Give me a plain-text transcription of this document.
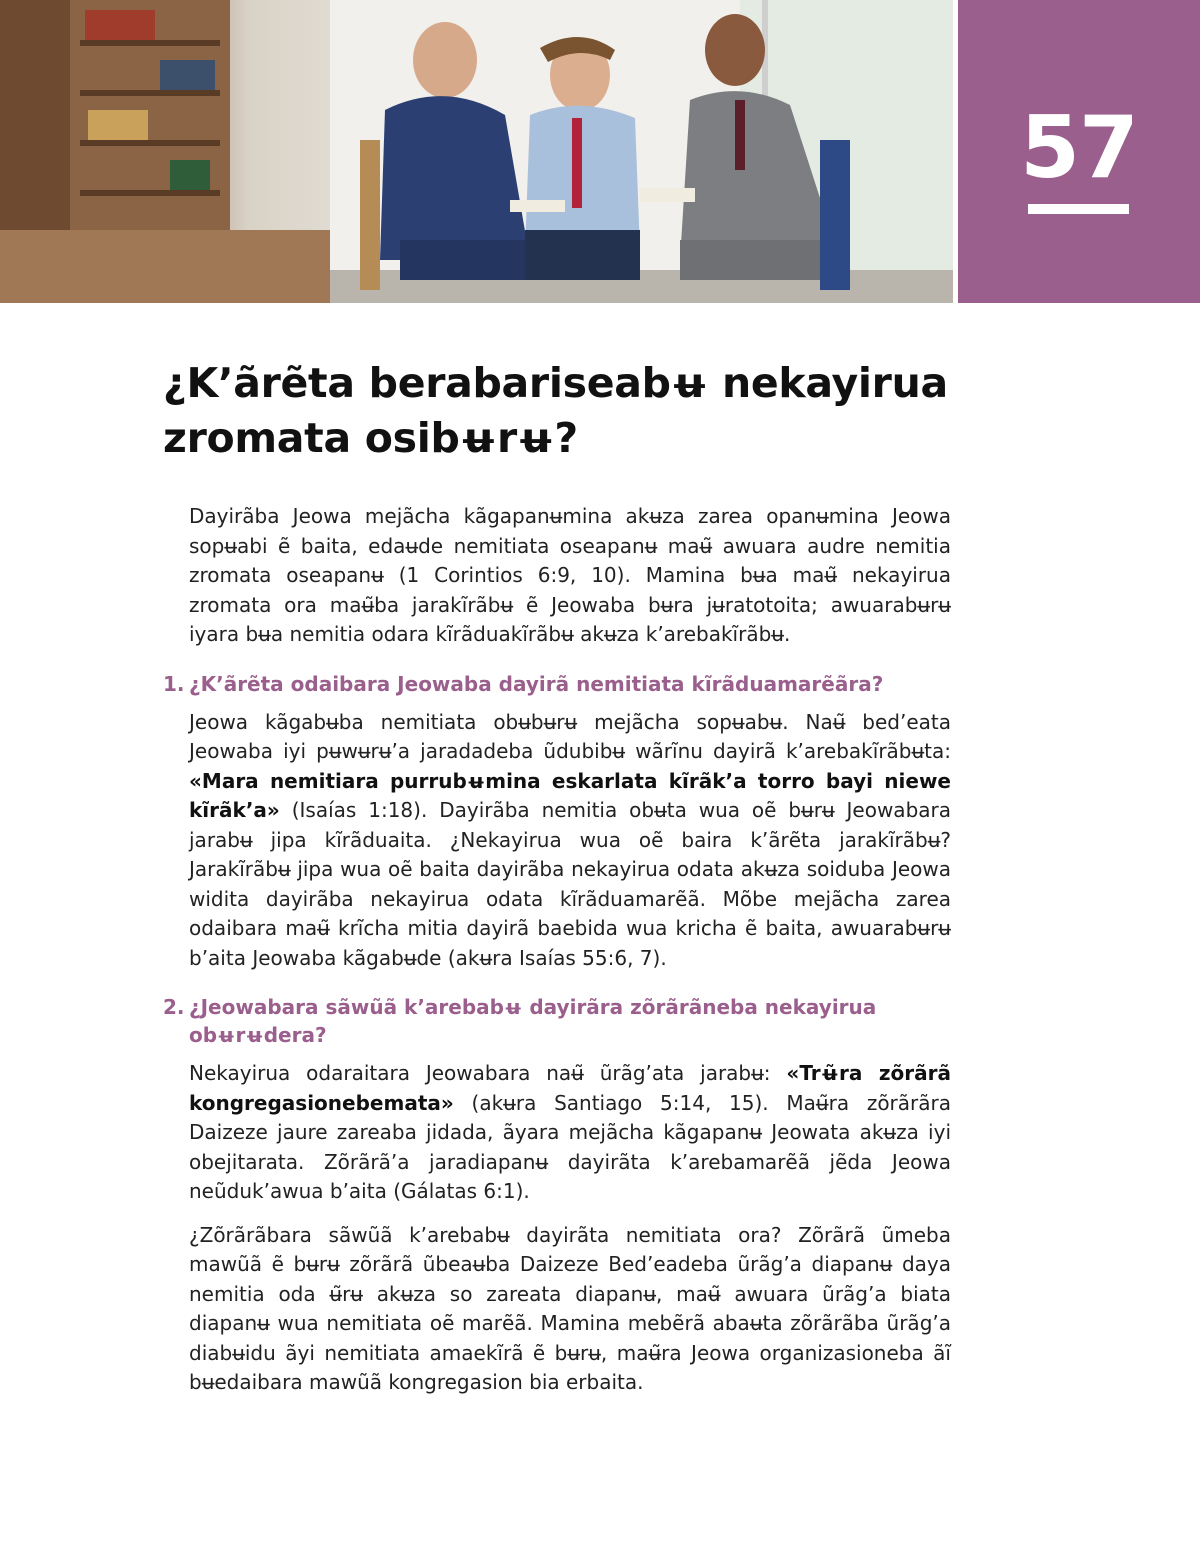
57
¿K’ãrẽta berabariseabʉ nekayirua zromata osibʉrʉ?

Dayirãba Jeowa mejãcha kãgapanʉmina akʉza zarea opanʉmina Jeowa sopʉabi ẽ baita, edaʉde nemitiata oseapanʉ maʉ̃ awuara audre nemitia zromata oseapanʉ (1 Corintios 6:9, 10). Mamina bʉa maʉ̃ nekayirua zromata ora maʉ̃ba jarakĩrãbʉ ẽ Jeowaba bʉra jʉratotoita; awuarabʉrʉ iyara bʉa nemitia odara kĩrãduakĩrãbʉ akʉza k’arebakĩrãbʉ.

1. ¿K’ãrẽta odaibara Jeowaba dayirã nemitiata kĩrãduamarẽãra?

Jeowa kãgabʉba nemitiata obʉbʉrʉ mejãcha sopʉabʉ. Naʉ̃ bed’eata Jeowaba iyi pʉwʉrʉ’a jaradadeba ũdubibʉ wãrĩnu dayirã k’arebakĩrãbʉta: «Mara nemitiara purrubʉmina eskarlata kĩrãk’a torro bayi niewe kĩrãk’a» (Isaías 1:18). Dayirãba nemitia obʉta wua oẽ bʉrʉ Jeowabara jarabʉ jipa kĩrãduaita. ¿Nekayirua wua oẽ baira k’ãrẽta jarakĩrãbʉ? Jarakĩrãbʉ jipa wua oẽ baita dayirãba nekayirua odata akʉza soiduba Jeowa widita dayirãba nekayirua odata kĩrãduamarẽã. Mõbe mejãcha zarea odaibara maʉ̃ krĩcha mitia dayirã baebida wua kricha ẽ baita, awuarabʉrʉ b’aita Jeowaba kãgabʉde (akʉra Isaías 55:6, 7).

2. ¿Jeowabara sãwũã k’arebabʉ dayirãra zõrãrãneba nekayirua obʉrʉdera?

Nekayirua odaraitara Jeowabara naʉ̃ ũrãg’ata jarabʉ: «Trʉ̃ra zõrãrã kongregasionebemata» (akʉra Santiago 5:14, 15). Maʉ̃ra zõrãrãra Daizeze jaure zareaba jidada, ãyara mejãcha kãgapanʉ Jeowata akʉza iyi obejitarata. Zõrãrã’a jaradiapanʉ dayirãta k’arebamarẽã jẽda Jeowa neũduk’awua b’aita (Gálatas 6:1).

¿Zõrãrãbara sãwũã k’arebabʉ dayirãta nemitiata ora? Zõrãrã ũmeba mawũã ẽ bʉrʉ zõrãrã ũbeaʉba Daizeze Bed’eadeba ũrãg’a diapanʉ daya nemitia oda ʉ̃rʉ akʉza so zareata diapanʉ, maʉ̃ awuara ũrãg’a biata diapanʉ wua nemitiata oẽ marẽã. Mamina mebẽrã abaʉta zõrãrãba ũrãg’a diabʉidu ãyi nemitiata amaekĩrã ẽ bʉrʉ, maʉ̃ra Jeowa organizasioneba ãĩ bʉedaibara mawũã kongregasion bia erbaita.
